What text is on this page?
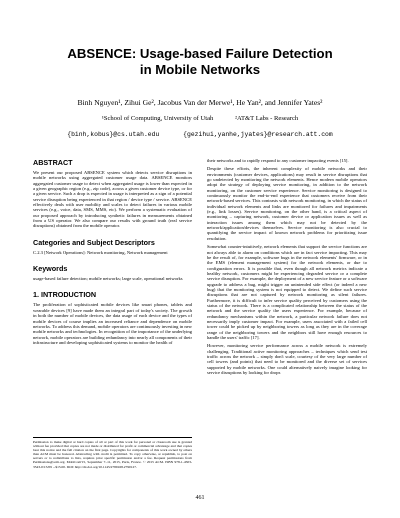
ABSENCE: Usage-based Failure Detection
in Mobile Networks
Binh Nguyen¹, Zihui Ge², Jacobus Van der Merwe¹, He Yan², and Jennifer Yates²
¹School of Computing, University of Utah	²AT&T Labs - Research
{binh,kobus}@cs.utah.edu	{gezihui,yanhe,jyates}@research.att.com
ABSTRACT

We present our proposed ABSENCE system which detects service disruptions in mobile networks using aggregated customer usage data. ABSENCE monitors aggregated customer usage to detect when aggregated usage is lower than expected in a given geographic region (e.g., zip code), across a given customer device type, or for a given service. Such a drop is expected in usage is interpreted as a sign of a potential service disruption being experienced in that region / device type / service. ABSENCE effectively deals with user mobility and scales to detect failures in various mobile services (e.g., voice, data, SMS, MMS, etc). We perform a systematic evaluation of our proposed approach by introducing synthetic failures in measurements obtained from a US operator. We also compare our results with ground truth (real service disruptions) obtained from the mobile operator.

Categories and Subject Descriptors

C.2.3 [Network Operations]: Network monitoring, Network management

Keywords

usage-based failure detection; mobile networks; large scale, operational networks

1. INTRODUCTION

The proliferation of sophisticated mobile devices like smart phones, tablets and wearable devices [9] have made them an integral part of today's society. The growth in both the number of mobile devices, the data usage of each device and the types of mobile devices of course implies an increased reliance and dependence on mobile networks. To address this demand, mobile operators are continuously investing in new mobile networks and technologies. In recognition of the importance of the underlying network, mobile operators are building redundancy into nearly all components of their infrastructure and developing sophisticated systems to monitor the health of

Permission to make digital or hard copies of all or part of this work for personal or classroom use is granted without fee provided that copies are not made or distributed for profit or commercial advantage and that copies bear this notice and the full citation on the first page. Copyrights for components of this work owned by others than ACM must be honored. Abstracting with credit is permitted. To copy otherwise, or republish, to post on servers or to redistribute to lists, requires prior specific permission and/or a fee. Request permissions from Permissions@acm.org. MobiCom'15, September 7–11, 2015, Paris, France. © 2015 ACM. ISBN 978-1-4503-3543-0/15/09 ...$15.00. DOI: http://dx.doi.org/10.1145/2789168.2790127.

their networks and to rapidly respond to any customer impacting events [15].

Despite these efforts, the inherent complexity of mobile networks and their environments (customer devices, applications) may result in service disruptions that go undetected by monitoring the network elements. Hence modern mobile operators adopt the strategy of deploying service monitoring, in addition to the network monitoring, on the customer service experience. Service monitoring is designed to continuously monitor the end-to-end experience that customers receive from their network-based services. This contrasts with network monitoring, in which the status of individual network elements and links are monitored for failures and impairments (e.g., link losses). Service monitoring, on the other hand, is a critical aspect of monitoring – capturing network, customer device or application issues as well as interaction issues among them which may not be detected by the network/application/devices themselves. Service monitoring is also crucial to quantifying the service impact of known network problems for prioritizing issue resolution.

Somewhat counter-intuitively, network elements that support the service functions are not always able to alarm on conditions which are in fact service impacting. This may be the result of, for example, software bugs in the network elements' firmware, or in the EMS (element management system) for the network elements, or due to configuration errors. It is possible that, even though all network metrics indicate a healthy network, customers might be experiencing degraded service or a complete service disruption. For example, the deployment of a new service feature or a software upgrade to address a bug, might trigger an unintended side effect (or indeed a new bug) that the monitoring system is not equipped to detect. We define such service disruptions that are not captured by network monitoring as silent failures. Furthermore, it is difficult to infer service quality perceived by customers using the status of the network. There is a complicated relationship between the status of the network and the service quality the users experience. For example, because of redundancy mechanisms within the network, a particular network failure does not necessarily imply customer impact. For example, users associated with a failed cell tower could be picked up by neighboring towers as long as they are in the coverage range of the neighboring towers and the neighbors still have enough resources to handle the users' traffic [17].

However, monitoring service performance across a mobile network is extremely challenging. Traditional active monitoring approaches – techniques which send test traffic across the network – simply don't scale, courtesy of the very large number of cell towers (and points) that need to be monitored and the diverse set of services supported by mobile networks. One could alternatively naively imagine looking for service disruptions by looking for drops

461
